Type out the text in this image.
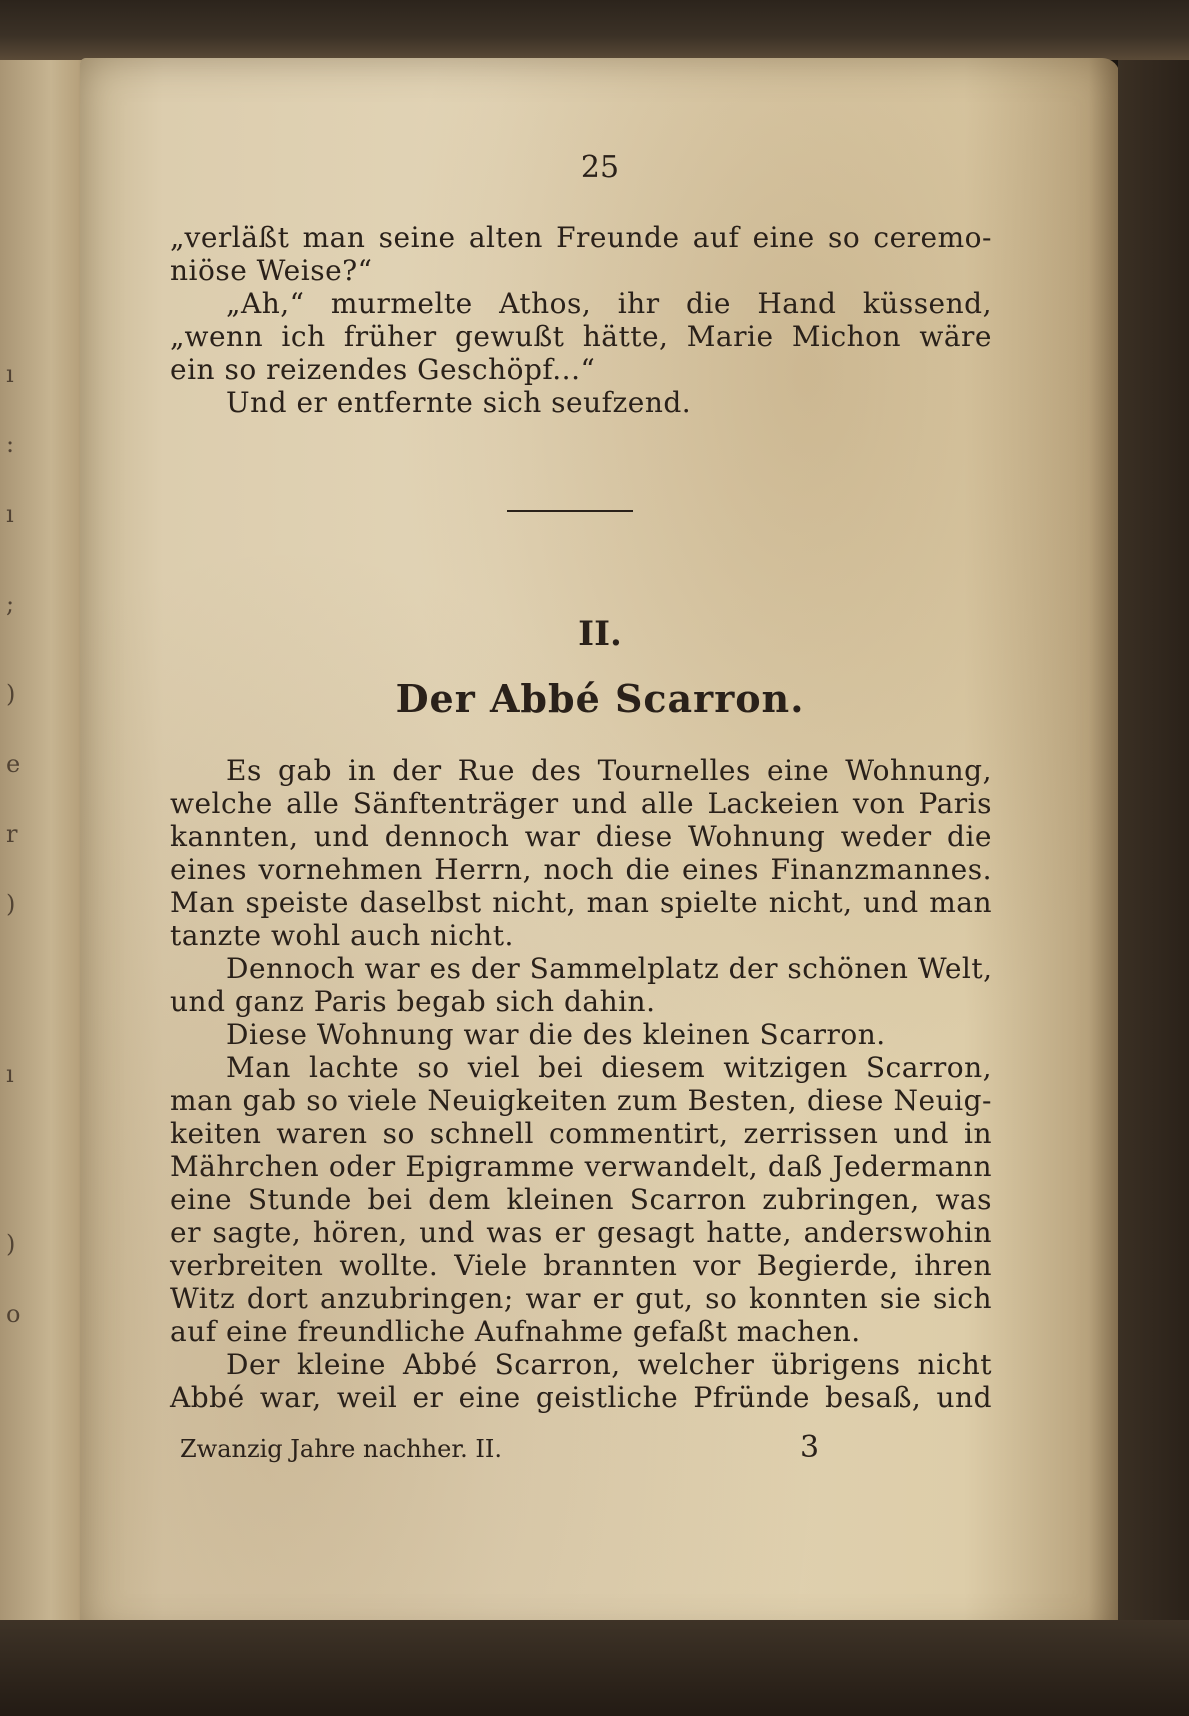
ı
:
ı
;
)
e
r
)
ı
)
o
25
„verläßt man seine alten Freunde auf eine so ceremo-
niöse Weise?“
„Ah,“ murmelte Athos, ihr die Hand küssend,
„wenn ich früher gewußt hätte, Marie Michon wäre
ein so reizendes Geschöpf...“
Und er entfernte sich seufzend.
II.
Der Abbé Scarron.
Es gab in der Rue des Tournelles eine Wohnung,
welche alle Sänftenträger und alle Lackeien von Paris
kannten, und dennoch war diese Wohnung weder die
eines vornehmen Herrn, noch die eines Finanzmannes.
Man speiste daselbst nicht, man spielte nicht, und man
tanzte wohl auch nicht.
Dennoch war es der Sammelplatz der schönen Welt,
und ganz Paris begab sich dahin.
Diese Wohnung war die des kleinen Scarron.
Man lachte so viel bei diesem witzigen Scarron,
man gab so viele Neuigkeiten zum Besten, diese Neuig-
keiten waren so schnell commentirt, zerrissen und in
Mährchen oder Epigramme verwandelt, daß Jedermann
eine Stunde bei dem kleinen Scarron zubringen, was
er sagte, hören, und was er gesagt hatte, anderswohin
verbreiten wollte. Viele brannten vor Begierde, ihren
Witz dort anzubringen; war er gut, so konnten sie sich
auf eine freundliche Aufnahme gefaßt machen.
Der kleine Abbé Scarron, welcher übrigens nicht
Abbé war, weil er eine geistliche Pfründe besaß, und
Zwanzig Jahre nachher. II.	3
